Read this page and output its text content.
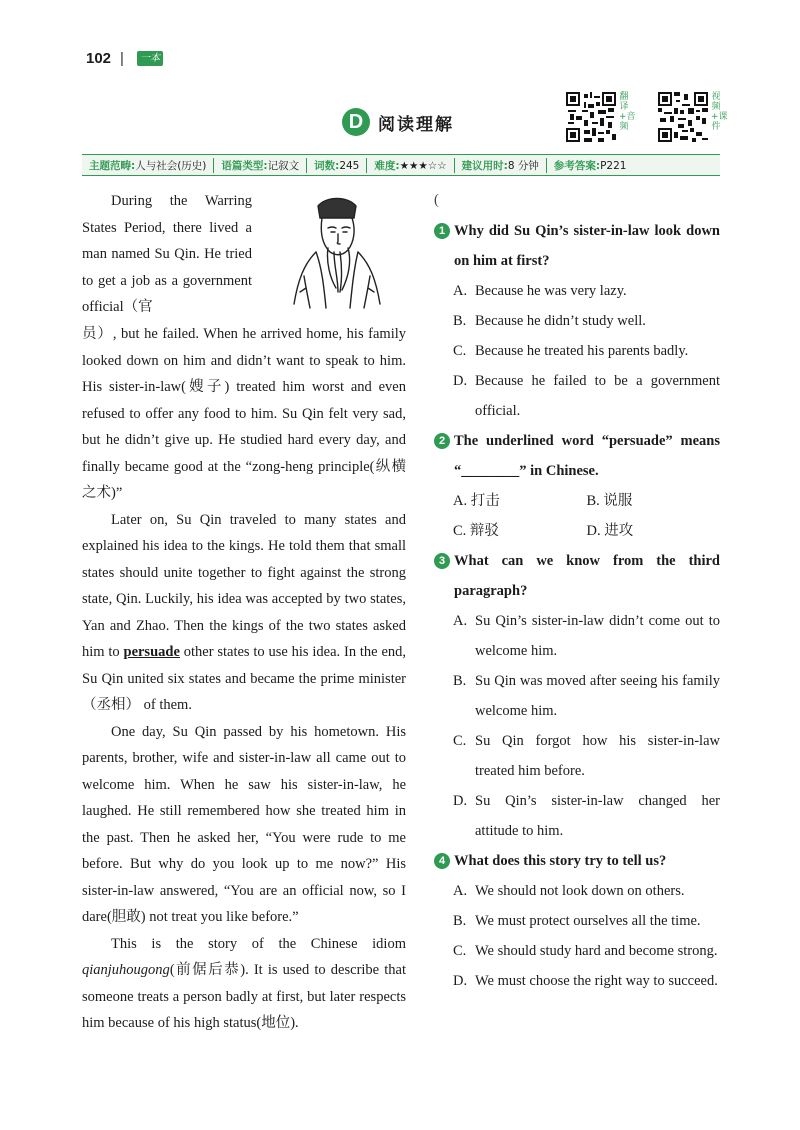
102 |	一本
D 阅读理解
翻译+音频
视频+课件
主题范畴:人与社会(历史)	语篇类型:记叙文	词数:245	难度:★★★☆☆	建议用时:8 分钟	参考答案:P221

During the Warring States Period, there lived a man named Su Qin. He tried to get a job as a government official（官

员）, but he failed. When he arrived home, his family looked down on him and didn’t want to speak to him. His sister-in-law(嫂子) treated him worst and even refused to offer any food to him. Su Qin felt very sad, but he didn’t give up. He studied hard every day, and finally became good at the “zong-heng principle(纵横之术)”

Later on, Su Qin traveled to many states and explained his idea to the kings. He told them that small states should unite together to fight against the strong state, Qin. Luckily, his idea was accepted by two states, Yan and Zhao. Then the kings of the two states asked him to persuade other states to use his idea. In the end, Su Qin united six states and became the prime minister（丞相） of them.

One day, Su Qin passed by his hometown. His parents, brother, wife and sister-in-law all came out to welcome him. When he saw his sister-in-law, he laughed. He still remembered how she treated him in the past. Then he asked her, “You were rude to me before. But why do you look up to me now?” His sister-in-law answered, “You are an official now, so I dare(胆敢) not treat you like before.”

This is the story of the Chinese idiom qianjuhougong(前倨后恭). It is used to describe that someone treats a person badly at first, but later respects him because of his high status(地位).

(
1 Why did Su Qin’s sister-in-law look down on him at first?
A. Because he was very lazy.
B. Because he didn’t study well.
C. Because he treated his parents badly.
D. Because he failed to be a government official.
2 The underlined word “persuade” means “________” in Chinese.
A. 打击	B. 说服
C. 辩驳	D. 进攻
3 What can we know from the third paragraph?
A. Su Qin’s sister-in-law didn’t come out to welcome him.
B. Su Qin was moved after seeing his family welcome him.
C. Su Qin forgot how his sister-in-law treated him before.
D. Su Qin’s sister-in-law changed her attitude to him.
4 What does this story try to tell us?
A. We should not look down on others.
B. We must protect ourselves all the time.
C. We should study hard and become strong.
D. We must choose the right way to succeed.
